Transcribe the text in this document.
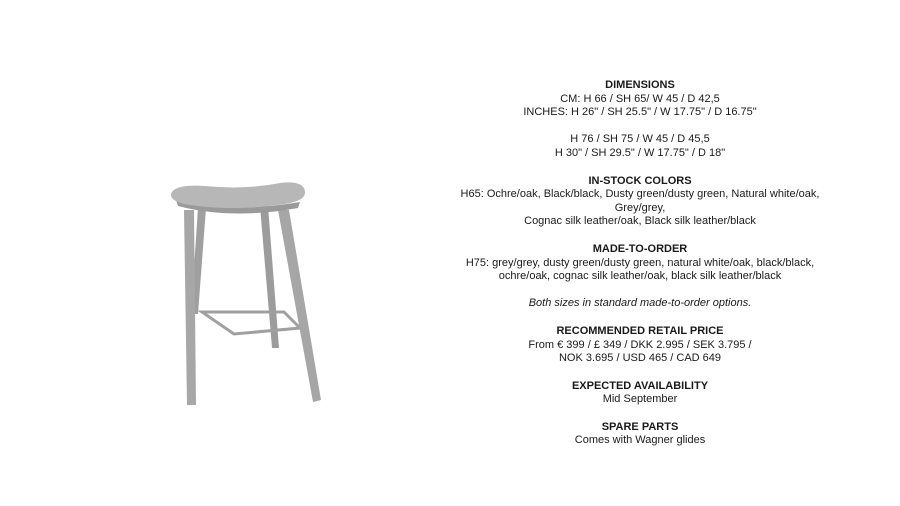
DIMENSIONS

CM: H 66 / SH 65/ W 45 / D 42,5

INCHES: H 26" / SH 25.5" / W 17.75" / D 16.75"

H 76 / SH 75 / W 45 / D 45,5

H 30" / SH 29.5" / W 17.75" / D 18"

IN-STOCK COLORS

H65: Ochre/oak, Black/black, Dusty green/dusty green, Natural white/oak,

Grey/grey,

Cognac silk leather/oak, Black silk leather/black

MADE-TO-ORDER

H75: grey/grey, dusty green/dusty green, natural white/oak, black/black,

ochre/oak, cognac silk leather/oak, black silk leather/black

Both sizes in standard made-to-order options.

RECOMMENDED RETAIL PRICE

From € 399 / £ 349 / DKK 2.995 / SEK 3.795 /

NOK 3.695 / USD 465 / CAD 649

EXPECTED AVAILABILITY

Mid September

SPARE PARTS

Comes with Wagner glides
